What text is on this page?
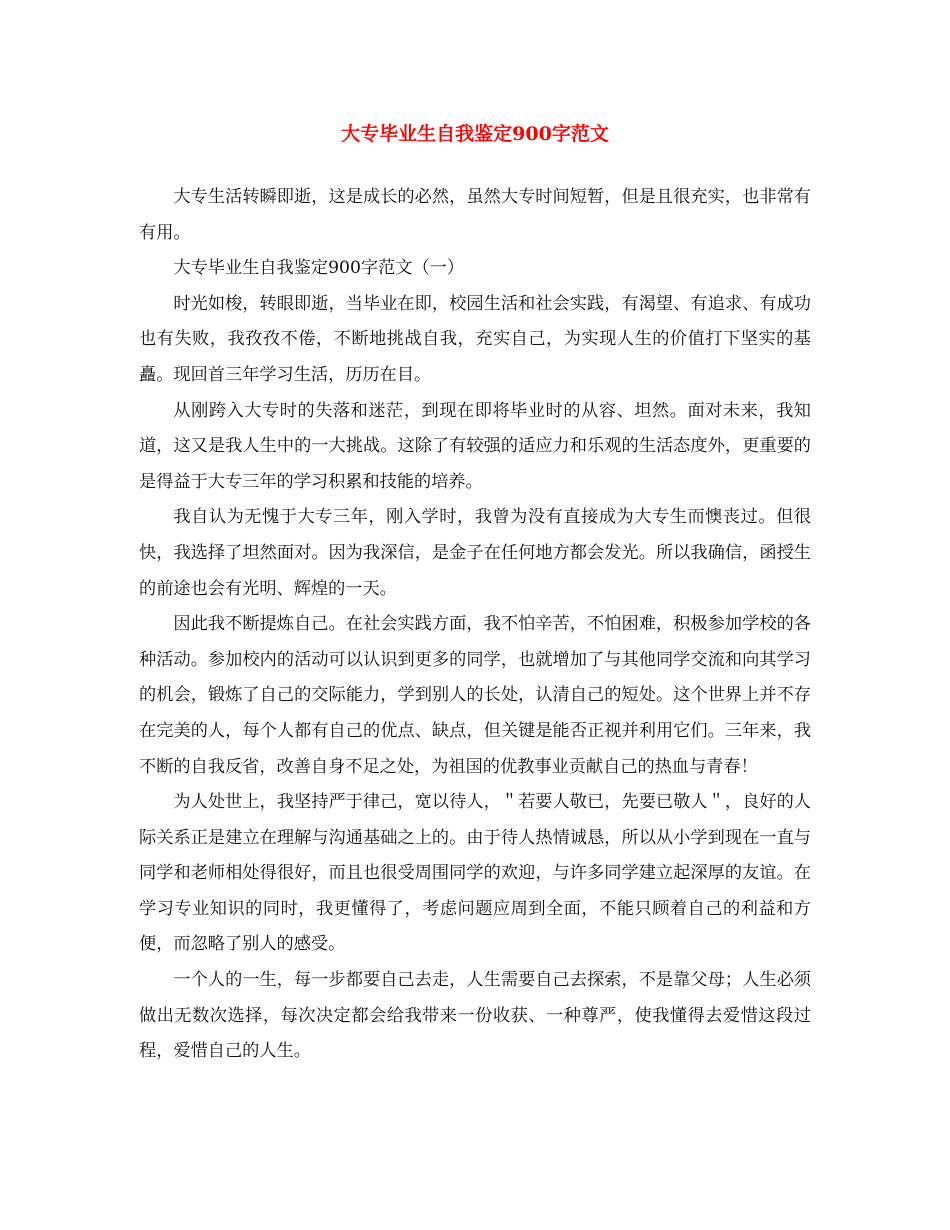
大专毕业生自我鉴定900字范文

大专生活转瞬即逝，这是成长的必然，虽然大专时间短暂，但是且很充实，也非常有有用。

大专毕业生自我鉴定900字范文（一）

时光如梭，转眼即逝，当毕业在即，校园生活和社会实践，有渴望、有追求、有成功也有失败，我孜孜不倦，不断地挑战自我，充实自己，为实现人生的价值打下坚实的基矗。现回首三年学习生活，历历在目。

从刚跨入大专时的失落和迷茫，到现在即将毕业时的从容、坦然。面对未来，我知道，这又是我人生中的一大挑战。这除了有较强的适应力和乐观的生活态度外，更重要的是得益于大专三年的学习积累和技能的培养。

我自认为无愧于大专三年，刚入学时，我曾为没有直接成为大专生而懊丧过。但很快，我选择了坦然面对。因为我深信，是金子在任何地方都会发光。所以我确信，函授生的前途也会有光明、辉煌的一天。

因此我不断提炼自己。在社会实践方面，我不怕辛苦，不怕困难，积极参加学校的各种活动。参加校内的活动可以认识到更多的同学，也就增加了与其他同学交流和向其学习的机会，锻炼了自己的交际能力，学到别人的长处，认清自己的短处。这个世界上并不存在完美的人，每个人都有自己的优点、缺点，但关键是能否正视并利用它们。三年来，我不断的自我反省，改善自身不足之处，为祖国的优教事业贡献自己的热血与青春！

为人处世上，我坚持严于律己，宽以待人，＂若要人敬已，先要已敬人＂，良好的人际关系正是建立在理解与沟通基础之上的。由于待人热情诚恳，所以从小学到现在一直与同学和老师相处得很好，而且也很受周围同学的欢迎，与许多同学建立起深厚的友谊。在学习专业知识的同时，我更懂得了，考虑问题应周到全面，不能只顾着自己的利益和方便，而忽略了别人的感受。

一个人的一生，每一步都要自己去走，人生需要自己去探索，不是靠父母；人生必须做出无数次选择，每次决定都会给我带来一份收获、一种尊严，使我懂得去爱惜这段过程，爱惜自己的人生。
